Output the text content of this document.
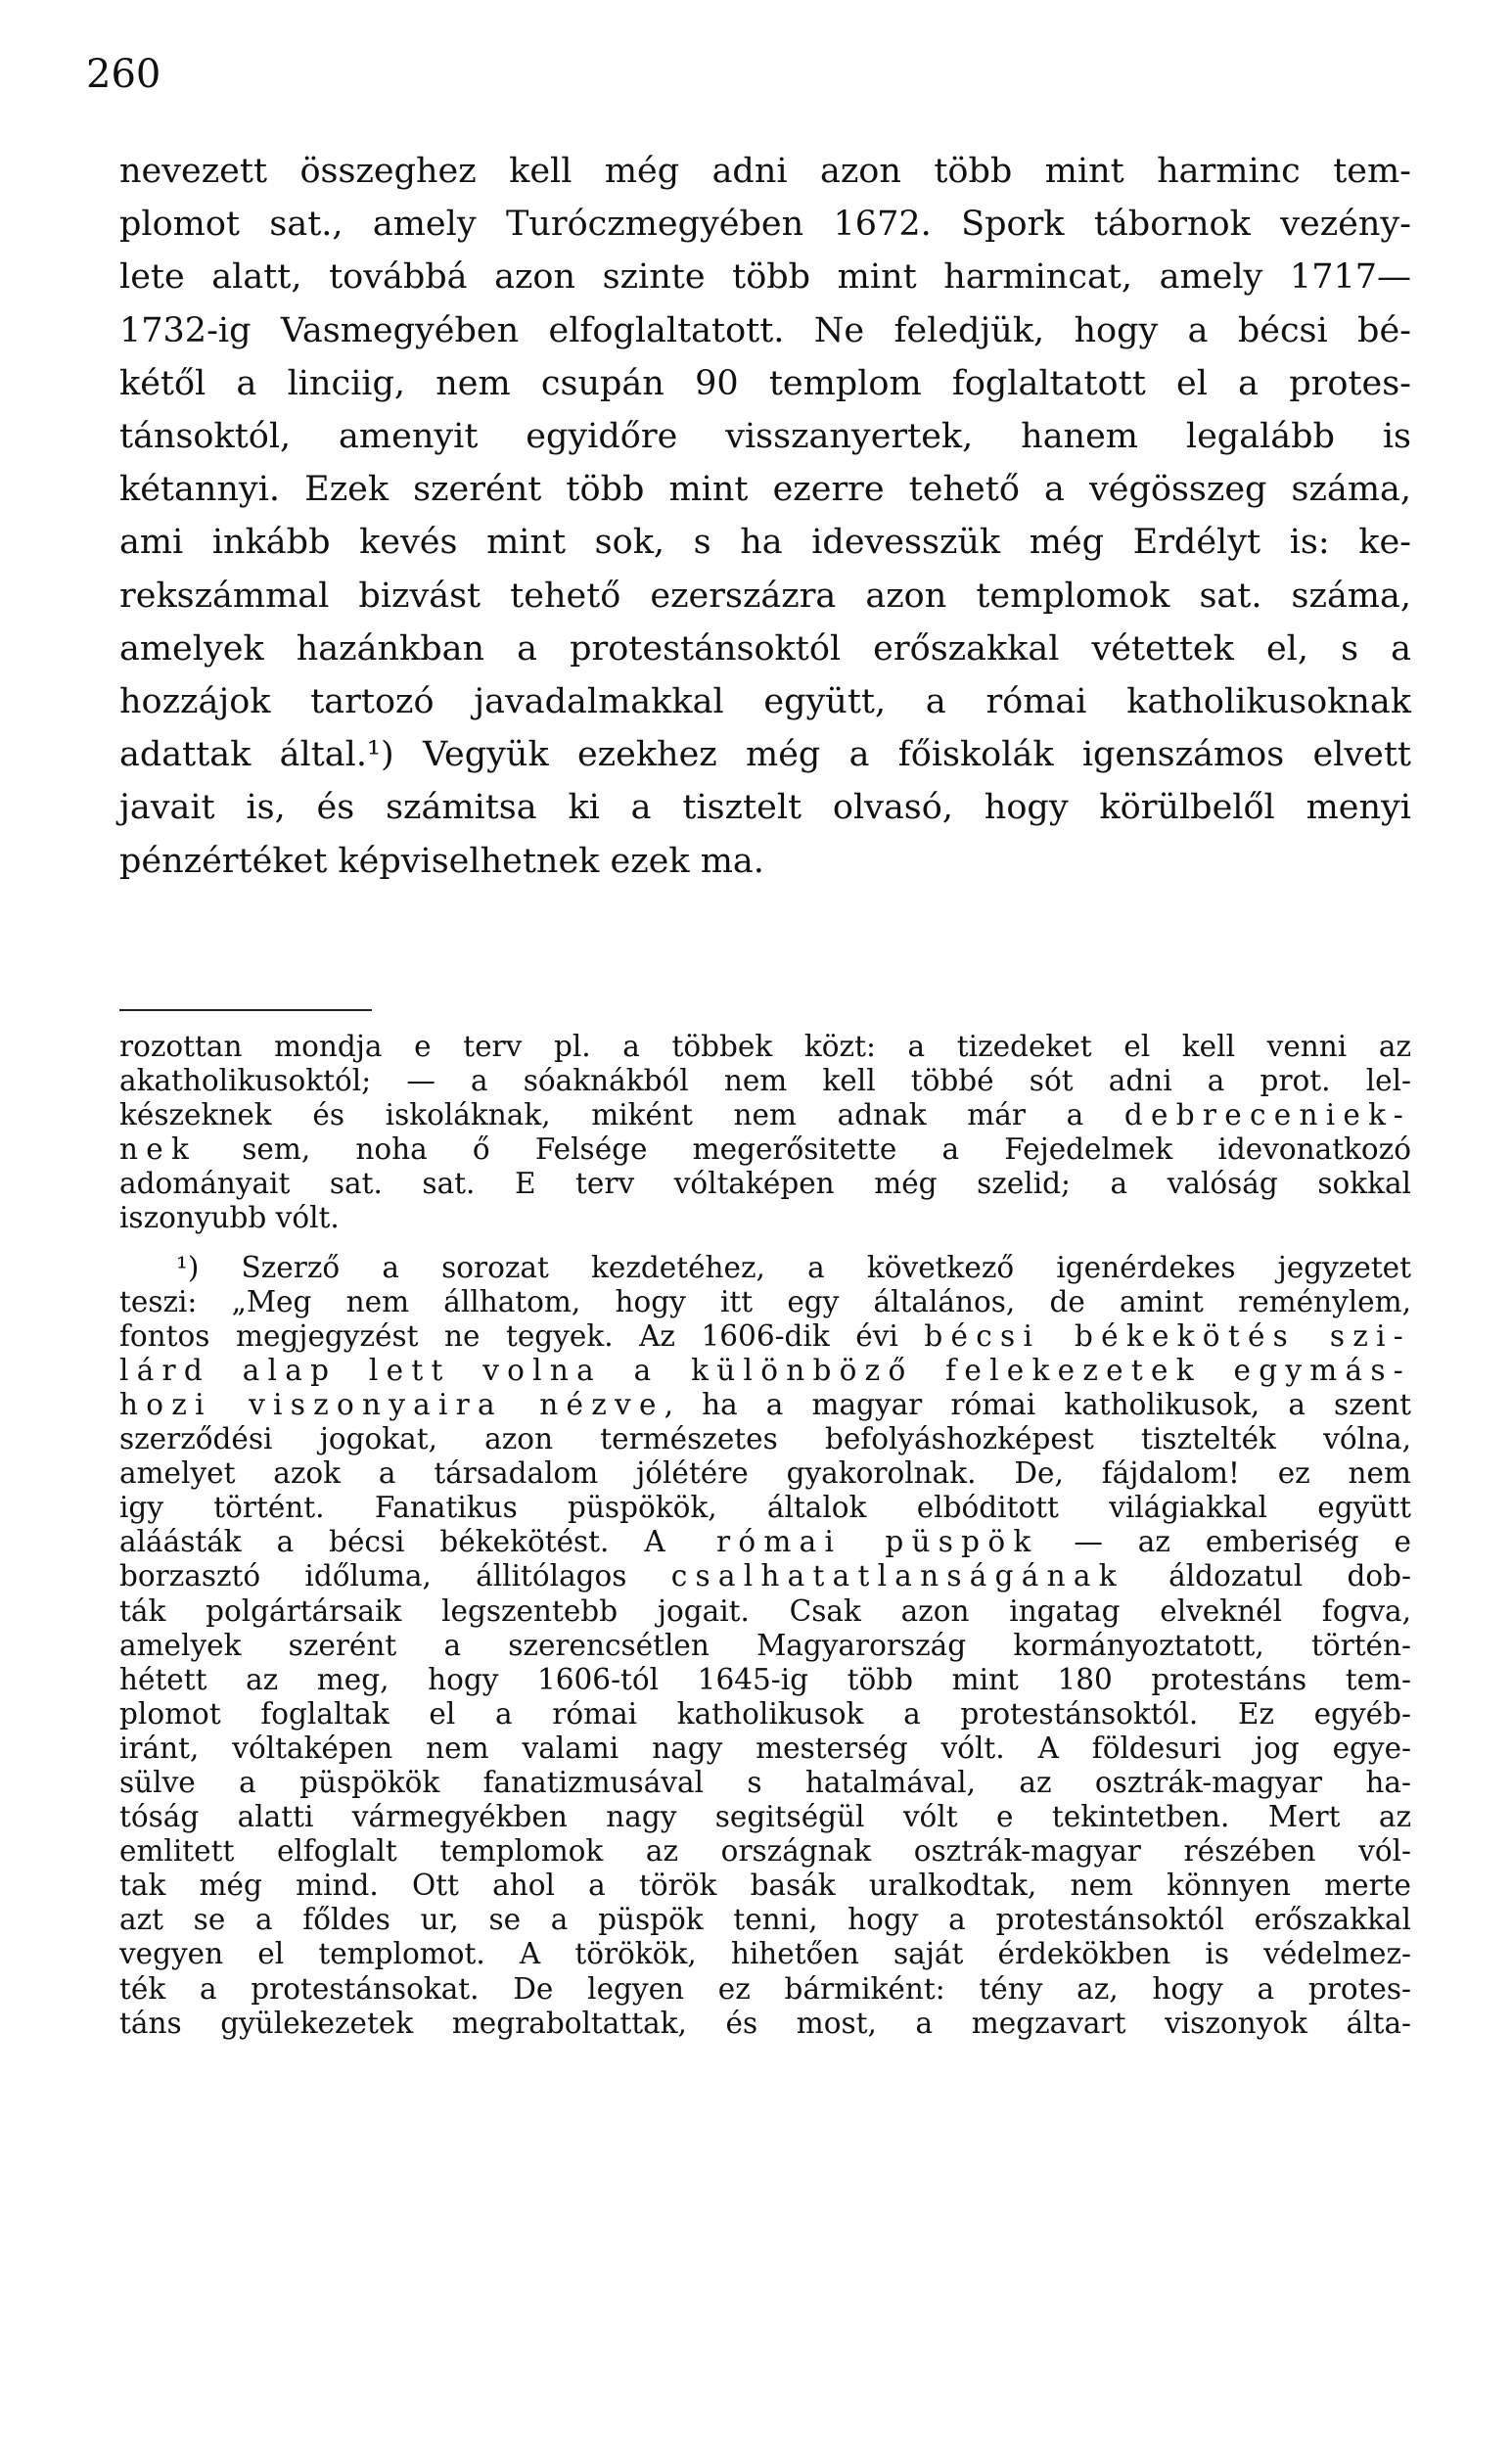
260
nevezett összeghez kell még adni azon több mint harminc tem-
plomot sat., amely Turóczmegyében 1672. Spork tábornok vezény-
lete alatt, továbbá azon szinte több mint harmincat, amely 1717—
1732-ig Vasmegyében elfoglaltatott. Ne feledjük, hogy a bécsi bé-
kétől a linciig, nem csupán 90 templom foglaltatott el a protes-
tánsoktól, amenyit egyidőre visszanyertek, hanem legalább is
kétannyi. Ezek szerént több mint ezerre tehető a végösszeg száma,
ami inkább kevés mint sok, s ha idevesszük még Erdélyt is: ke-
rekszámmal bizvást tehető ezerszázra azon templomok sat. száma,
amelyek hazánkban a protestánsoktól erőszakkal vétettek el, s a
hozzájok tartozó javadalmakkal együtt, a római katholikusoknak
adattak által.¹) Vegyük ezekhez még a főiskolák igenszámos elvett
javait is, és számitsa ki a tisztelt olvasó, hogy körülbelől menyi
pénzértéket képviselhetnek ezek ma.
rozottan mondja e terv pl. a többek közt: a tizedeket el kell venni az
akatholikusoktól; — a sóaknákból nem kell többé sót adni a prot. lel-
készeknek és iskoláknak, miként nem adnak már a debreceniek-
nek sem, noha ő Felsége megerősitette a Fejedelmek idevonatkozó
adományait sat. sat. E terv vóltaképen még szelid; a valóság sokkal
iszonyubb vólt.
¹) Szerző a sorozat kezdetéhez, a következő igenérdekes jegyzetet
teszi: „Meg nem állhatom, hogy itt egy általános, de amint reménylem,
fontos megjegyzést ne tegyek. Az 1606-dik évi bécsi békekötés szi-
lárd alap lett volna a különböző felekezetek egymás-
hozi viszonyaira nézve, ha a magyar római katholikusok, a szent
szerződési jogokat, azon természetes befolyáshozképest tisztelték vólna,
amelyet azok a társadalom jólétére gyakorolnak. De, fájdalom! ez nem
igy történt. Fanatikus püspökök, általok elbóditott világiakkal együtt
aláásták a bécsi békekötést. A római püspök — az emberiség e
borzasztó időluma, állitólagos csalhatatlanságának áldozatul dob-
ták polgártársaik legszentebb jogait. Csak azon ingatag elveknél fogva,
amelyek szerént a szerencsétlen Magyarország kormányoztatott, történ-
hétett az meg, hogy 1606-tól 1645-ig több mint 180 protestáns tem-
plomot foglaltak el a római katholikusok a protestánsoktól. Ez egyéb-
iránt, vóltaképen nem valami nagy mesterség vólt. A földesuri jog egye-
sülve a püspökök fanatizmusával s hatalmával, az osztrák-magyar ha-
tóság alatti vármegyékben nagy segitségül vólt e tekintetben. Mert az
emlitett elfoglalt templomok az országnak osztrák-magyar részében vól-
tak még mind. Ott ahol a török basák uralkodtak, nem könnyen merte
azt se a főldes ur, se a püspök tenni, hogy a protestánsoktól erőszakkal
vegyen el templomot. A törökök, hihetően saját érdekökben is védelmez-
ték a protestánsokat. De legyen ez bármiként: tény az, hogy a protes-
táns gyülekezetek megraboltattak, és most, a megzavart viszonyok álta-
